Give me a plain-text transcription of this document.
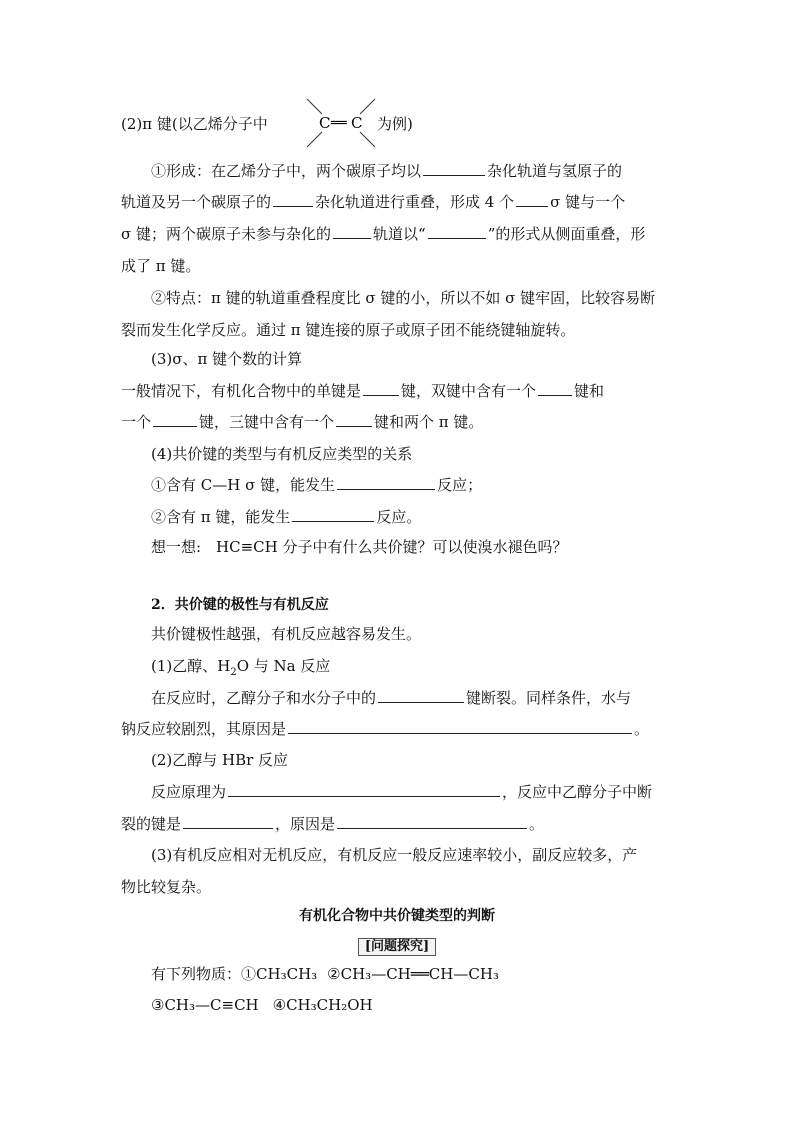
(2)π 键(以乙烯分子中	C ══ C 为例)
①形成：在乙烯分子中，两个碳原子均以	杂化轨道与氢原子的
轨道及另一个碳原子的	杂化轨道进行重叠，形成 4 个 σ 键与一个
σ 键；两个碳原子未参与杂化的	轨道以“	”的形式从侧面重叠，形
成了 π 键。
②特点：π 键的轨道重叠程度比 σ 键的小，所以不如 σ 键牢固，比较容易断
裂而发生化学反应。通过 π 键连接的原子或原子团不能绕键轴旋转。
(3)σ、π 键个数的计算
一般情况下，有机化合物中的单键是	键，双键中含有一个	键和
一个	键，三键中含有一个	键和两个 π 键。
(4)共价键的类型与有机反应类型的关系
①含有 C—H σ 键，能发生	反应；
②含有 π 键，能发生	反应。
想一想:　HC≡CH 分子中有什么共价键？可以使溴水褪色吗？
2．共价键的极性与有机反应
共价键极性越强，有机反应越容易发生。
(1)乙醇、$H_2O$ 与 Na 反应
在反应时，乙醇分子和水分子中的	键断裂。同样条件，水与
钠反应较剧烈，其原因是	。
(2)乙醇与 HBr 反应
反应原理为	，反应中乙醇分子中断
裂的键是	，原因是	。
(3)有机反应相对无机反应，有机反应一般反应速率较小，副反应较多，产
物比较复杂。
有机化合物中共价键类型的判断
[问题探究]
有下列物质：①CH₃CH₃ ②CH₃—CH══CH—CH₃
③CH₃—C≡CH ④CH₃CH₂OH
